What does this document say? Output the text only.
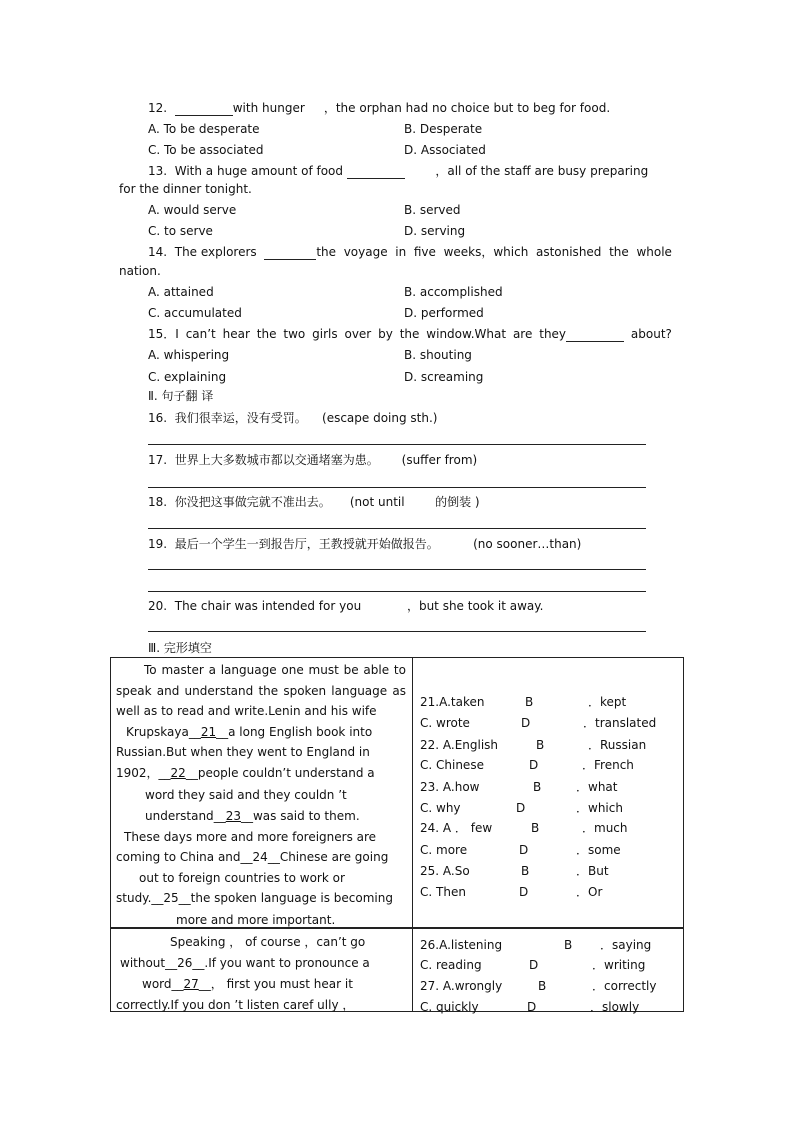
12.	with hunger ，the orphan had no choice but to beg for food.
A. To be desperate	B. Desperate
C. To be associated	D. Associated
13. With a huge amount of food	，all of the staff are busy preparing
for the dinner tonight.
A. would serve	B. served
C. to serve	D. serving
14. The explorers	the voyage in five weeks，which astonished the whole
nation.
A. attained	B. accomplished
C. accumulated	D. performed
15．I can’t hear the two girls over by the window.What are they	about?
A. whispering	B. shouting
C. explaining	D. screaming
Ⅱ. 句子翻 译
16. 我们很幸运，没有受罚。 (escape doing sth.)
17. 世界上大多数城市都以交通堵塞为患。 (suffer from)
18. 你没把这事做完就不准出去。 (not until	的倒装 )
19. 最后一个学生一到报告厅，王教授就开始做报告。	(no sooner…than)
20. The chair was intended for you	，but she took it away.
Ⅲ. 完形填空
To master a language one must be able to
speak and understand the spoken language as
well as to read and write.Lenin and his wife
Krupskaya__21__a long English book into
Russian.But when they went to England in
1902，__22__people couldn’t understand a
word they said and they couldn ’t
understand__23__was said to them.
These days more and more foreigners are
coming to China and__24__Chinese are going
out to foreign countries to work or
study.__25__the spoken language is becoming
more and more important.
21.A.taken	B	．kept
C. wrote	D	．translated
22. A.English	B	．Russian
C. Chinese	D	．French
23. A.how	B	．what
C. why	D	．which
24. A ． few	B	．much
C. more	D	．some
25. A.So	B	．But
C. Then	D	．Or
Speaking ， of course ，can’t go
without__26__.If you want to pronounce a
word__27__， first you must hear it
correctly.If you don ’t listen caref ully ，
26.A.listening	B ．saying
C. reading	D	．writing
27. A.wrongly	B	．correctly
C. quickly	D	．slowly
